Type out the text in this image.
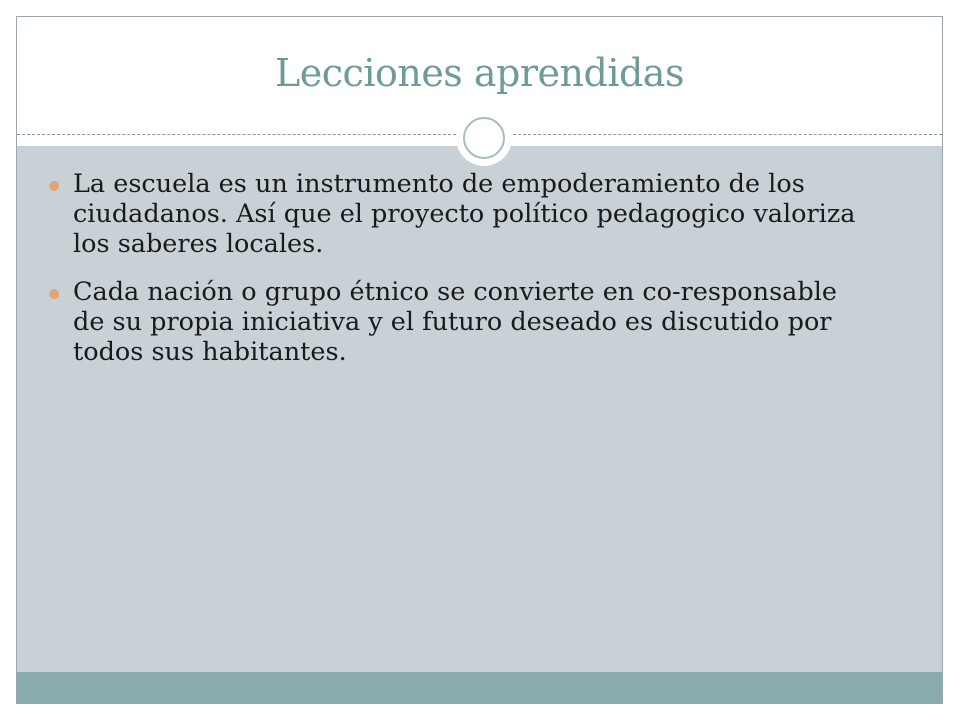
Lecciones aprendidas
La escuela es un instrumento de empoderamiento de los ciudadanos. Así que el proyecto político pedagogico valoriza los saberes locales.
Cada nación o grupo étnico se convierte en co-responsable de su propia iniciativa y el futuro deseado es discutido por todos sus habitantes.
